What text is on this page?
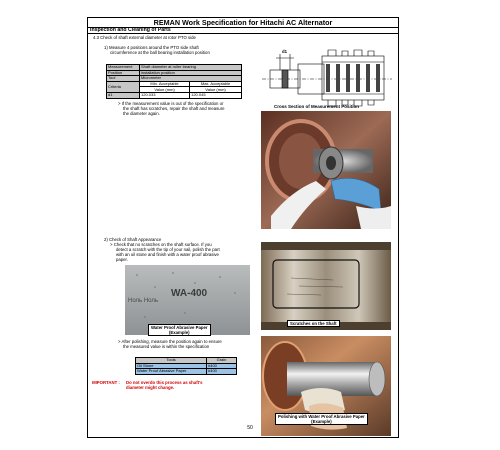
REMAN Work Specification for Hitachi AC Alternator
Inspection and Cleaning of Parts
4.3 Check of shaft external diameter at rotor PTO side
1) Measure 4 positions around the PTO side shaft
circumference at the ball bearing installation position
Measurement	Shaft diameter at roller bearing	
Position	installation position	
Tool	Micrometer	
Criteria	Min. Acceptable	Max. Acceptable
	Value (mm)	Value (mm)
d1	120.033	120.045
> If the measurement value is out of the specification or
the shaft has scratches, repair the shaft and measure
the diameter again.
d1
Cross Section of Measurement Position
2) Check of Shaft Appearance
> Check that no scratches on the shaft surface. If you
detect a scratch with the tip of your nail, polish the part
with an oil stone and finish with a water proof abrasive
paper.
Ноль Ноль
WA-400
Water Proof Abrasive Paper
(Example)
Scratches on the Shaft
> After polishing, measure the position again to ensure
the measured value is within the specification
Tools	Grain
Oil Stone	#400
Water Proof Abrasive Paper	#400
IMPORTANT : Do not overdo this process as shaft's
diameter might change.
Polishing with Water Proof Abrasive Paper
(Example)
50
